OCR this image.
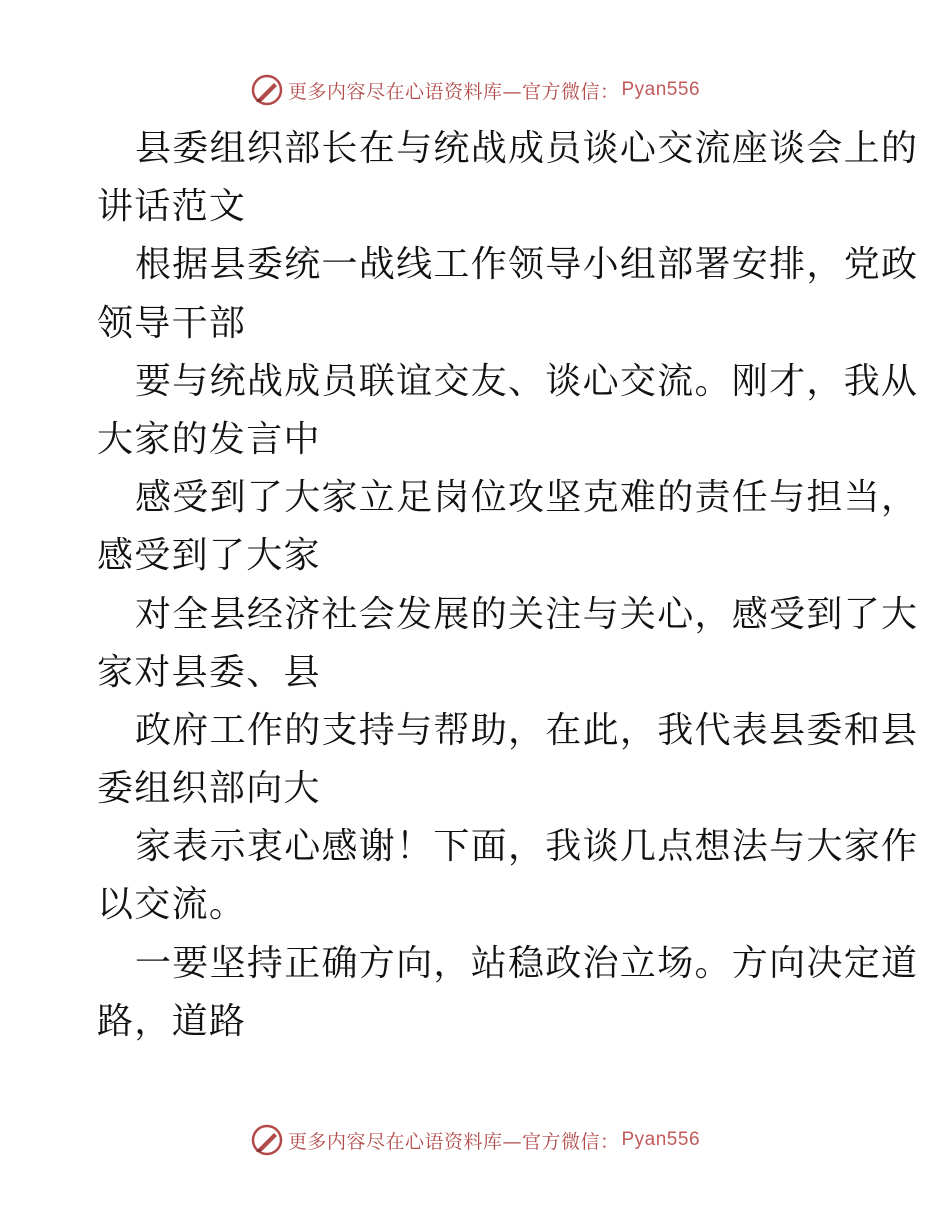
更多内容尽在心语资料库—官方微信： Pyan556
县委组织部长在与统战成员谈心交流座谈会上的
讲话范文
根据县委统一战线工作领导小组部署安排，党政
领导干部
要与统战成员联谊交友、谈心交流。刚才，我从
大家的发言中
感受到了大家立足岗位攻坚克难的责任与担当，
感受到了大家
对全县经济社会发展的关注与关心，感受到了大
家对县委、县
政府工作的支持与帮助，在此，我代表县委和县
委组织部向大
家表示衷心感谢！下面，我谈几点想法与大家作
以交流。
一要坚持正确方向，站稳政治立场。方向决定道
路，道路
更多内容尽在心语资料库—官方微信： Pyan556
